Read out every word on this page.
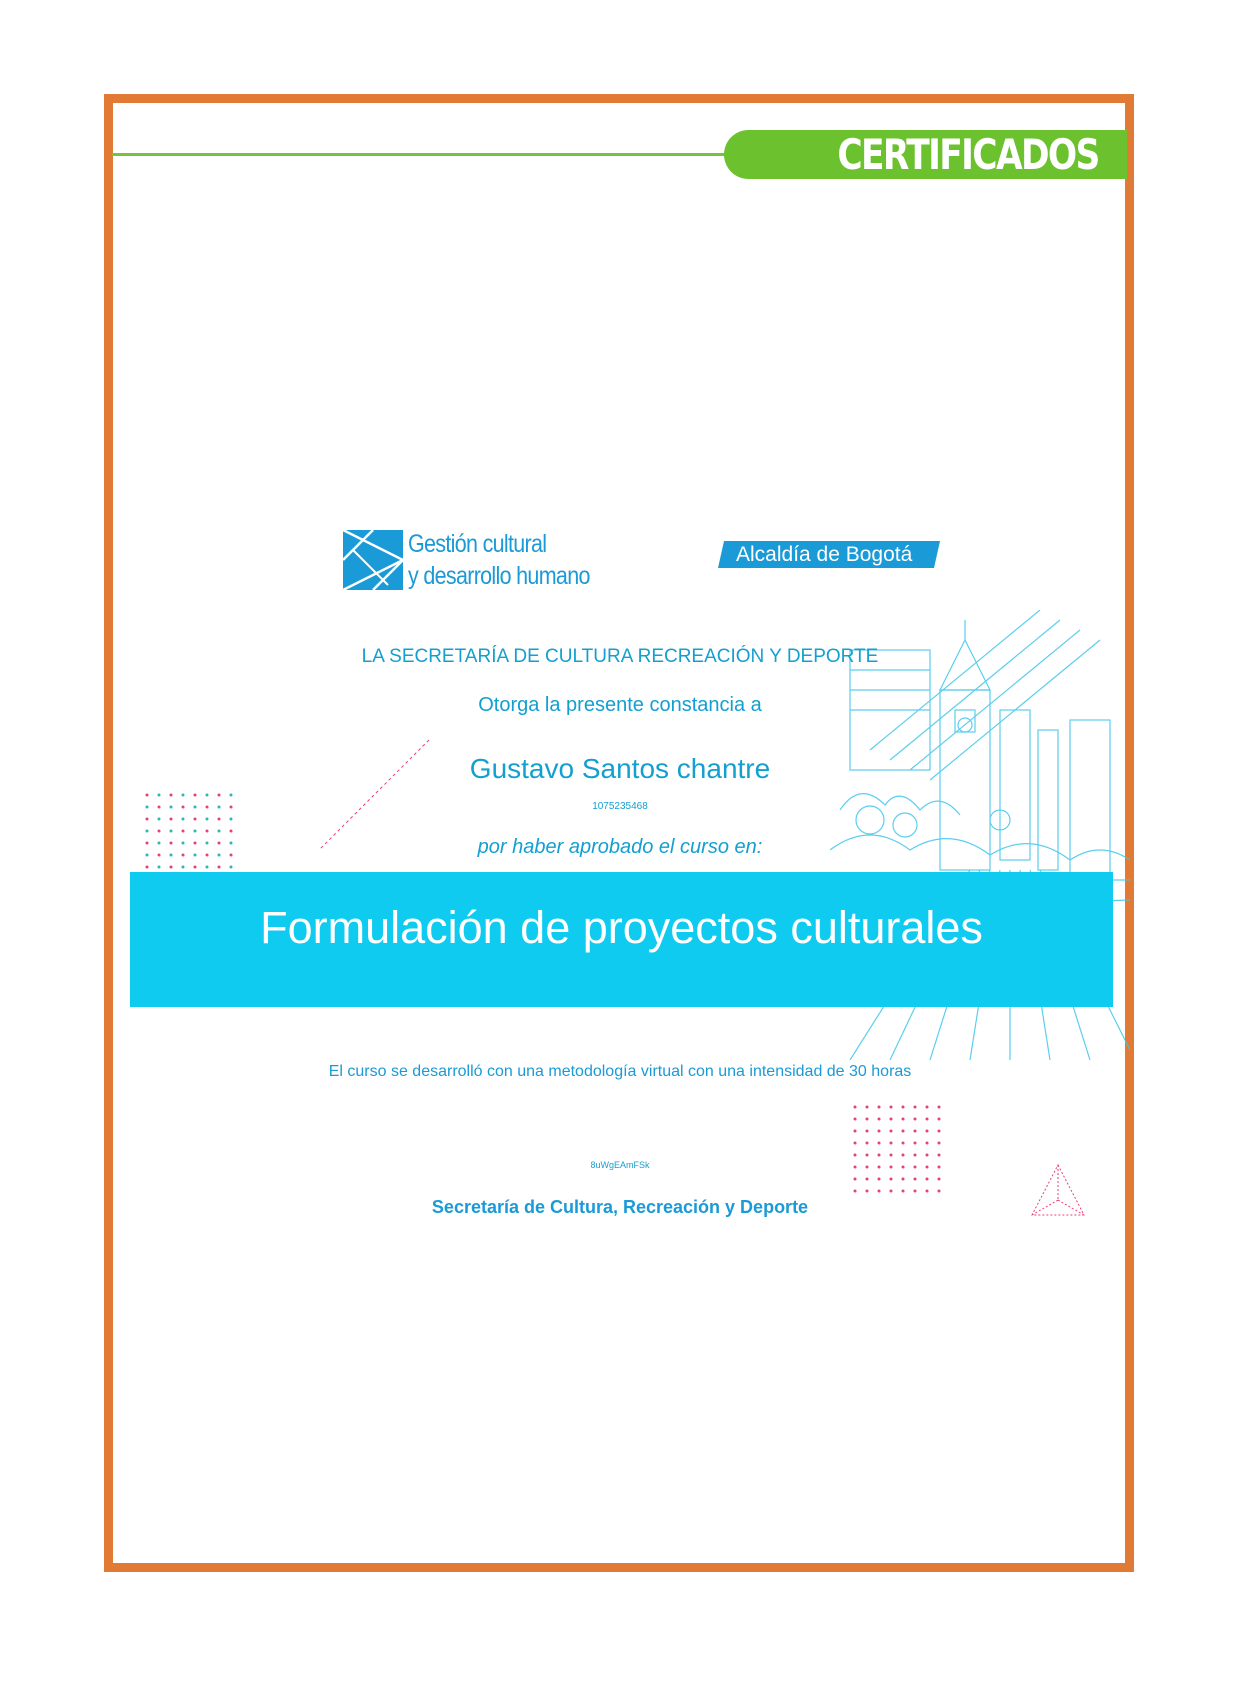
CERTIFICADOS
Gestión cultural
y desarrollo humano
Alcaldía de Bogotá
LA SECRETARÍA DE CULTURA RECREACIÓN Y DEPORTE
Otorga la presente constancia a
Gustavo Santos chantre
1075235468
por haber aprobado el curso en:
Formulación de proyectos culturales
El curso se desarrolló con una metodología virtual con una intensidad de 30 horas
8uWgEAmFSk
Secretaría de Cultura, Recreación y Deporte
